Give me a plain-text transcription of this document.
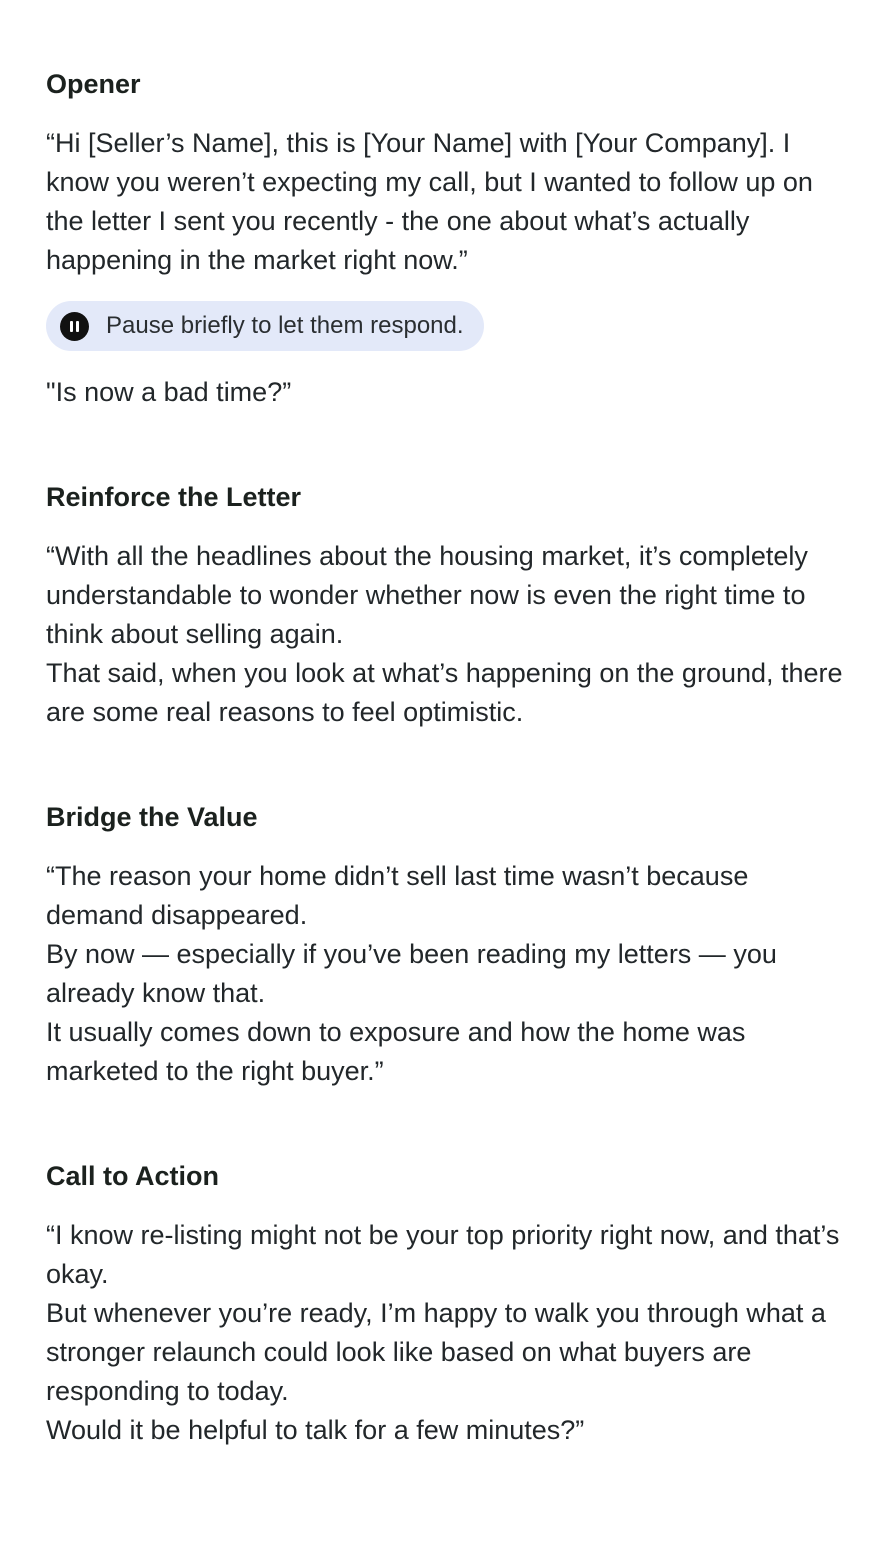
Opener

“Hi [Seller’s Name], this is [Your Name] with [Your Company]. I know you weren’t expecting my call, but I wanted to follow up on the letter I sent you recently - the one about what’s actually happening in the market right now.”

Pause briefly to let them respond.

"Is now a bad time?”

Reinforce the Letter

“With all the headlines about the housing market, it’s completely understandable to wonder whether now is even the right time to think about selling again.
That said, when you look at what’s happening on the ground, there are some real reasons to feel optimistic.

Bridge the Value

“The reason your home didn’t sell last time wasn’t because demand disappeared.
By now — especially if you’ve been reading my letters — you already know that.
It usually comes down to exposure and how the home was marketed to the right buyer.”

Call to Action

“I know re-listing might not be your top priority right now, and that’s okay.
But whenever you’re ready, I’m happy to walk you through what a stronger relaunch could look like based on what buyers are responding to today.
Would it be helpful to talk for a few minutes?”
